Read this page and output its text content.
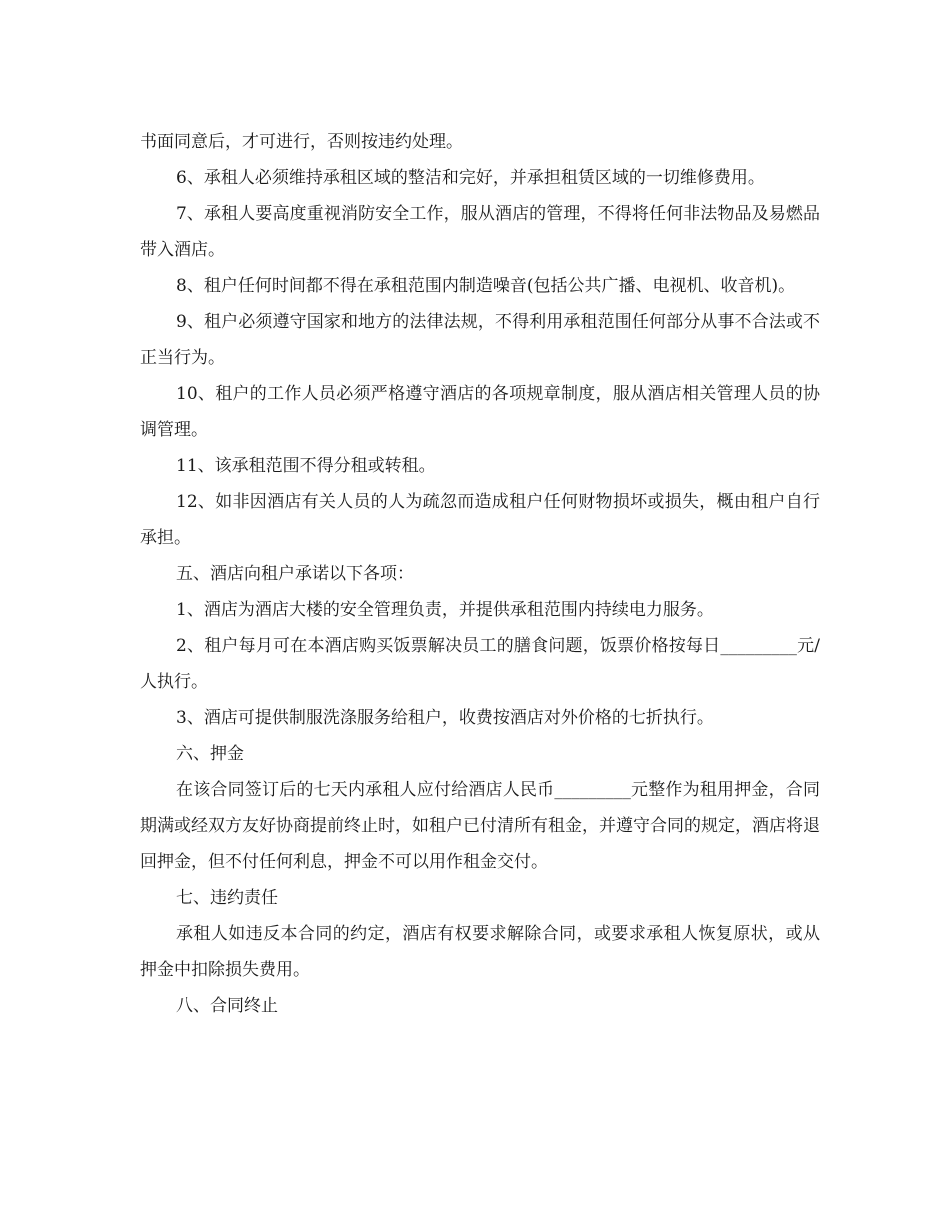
书面同意后，才可进行，否则按违约处理。

6、承租人必须维持承租区域的整洁和完好，并承担租赁区域的一切维修费用。

7、承租人要高度重视消防安全工作，服从酒店的管理，不得将任何非法物品及易燃品带入酒店。

8、租户任何时间都不得在承租范围内制造噪音(包括公共广播、电视机、收音机)。

9、租户必须遵守国家和地方的法律法规，不得利用承租范围任何部分从事不合法或不正当行为。

10、租户的工作人员必须严格遵守酒店的各项规章制度，服从酒店相关管理人员的协调管理。

11、该承租范围不得分租或转租。

12、如非因酒店有关人员的人为疏忽而造成租户任何财物损坏或损失，概由租户自行承担。

五、酒店向租户承诺以下各项：

1、酒店为酒店大楼的安全管理负责，并提供承租范围内持续电力服务。

2、租户每月可在本酒店购买饭票解决员工的膳食问题，饭票价格按每日_________元/人执行。

3、酒店可提供制服洗涤服务给租户，收费按酒店对外价格的七折执行。

六、押金

在该合同签订后的七天内承租人应付给酒店人民币_________元整作为租用押金，合同期满或经双方友好协商提前终止时，如租户已付清所有租金，并遵守合同的规定，酒店将退回押金，但不付任何利息，押金不可以用作租金交付。

七、违约责任

承租人如违反本合同的约定，酒店有权要求解除合同，或要求承租人恢复原状，或从押金中扣除损失费用。

八、合同终止
